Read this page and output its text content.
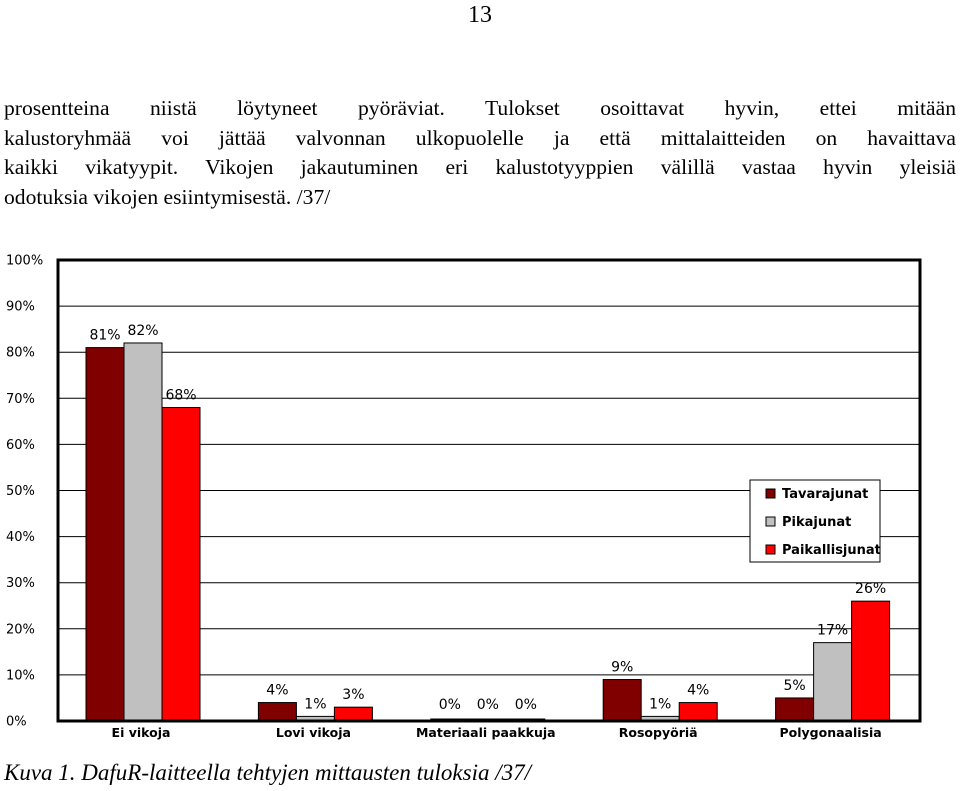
13
prosentteina niistä löytyneet pyöräviat. Tulokset osoittavat hyvin, ettei mitään
kalustoryhmää voi jättää valvonnan ulkopuolelle ja että mittalaitteiden on havaittava
kaikki vikatyypit. Vikojen jakautuminen eri kalustotyyppien välillä vastaa hyvin yleisiä
odotuksia vikojen esiintymisestä. /37/
0%
10%
20%
30%
40%
50%
60%
70%
80%
90%
100%
81% 82%
68%
Ei vikoja
4%
1%
3%
Lovi vikoja
0% 0% 0%
Materiaali paakkuja
9%
1%
4%
Rosopyöriä
5%
17%
26%
Polygonaalisia
Tavarajunat
Pikajunat
Paikallisjunat
Kuva 1. DafuR-laitteella tehtyjen mittausten tuloksia /37/
